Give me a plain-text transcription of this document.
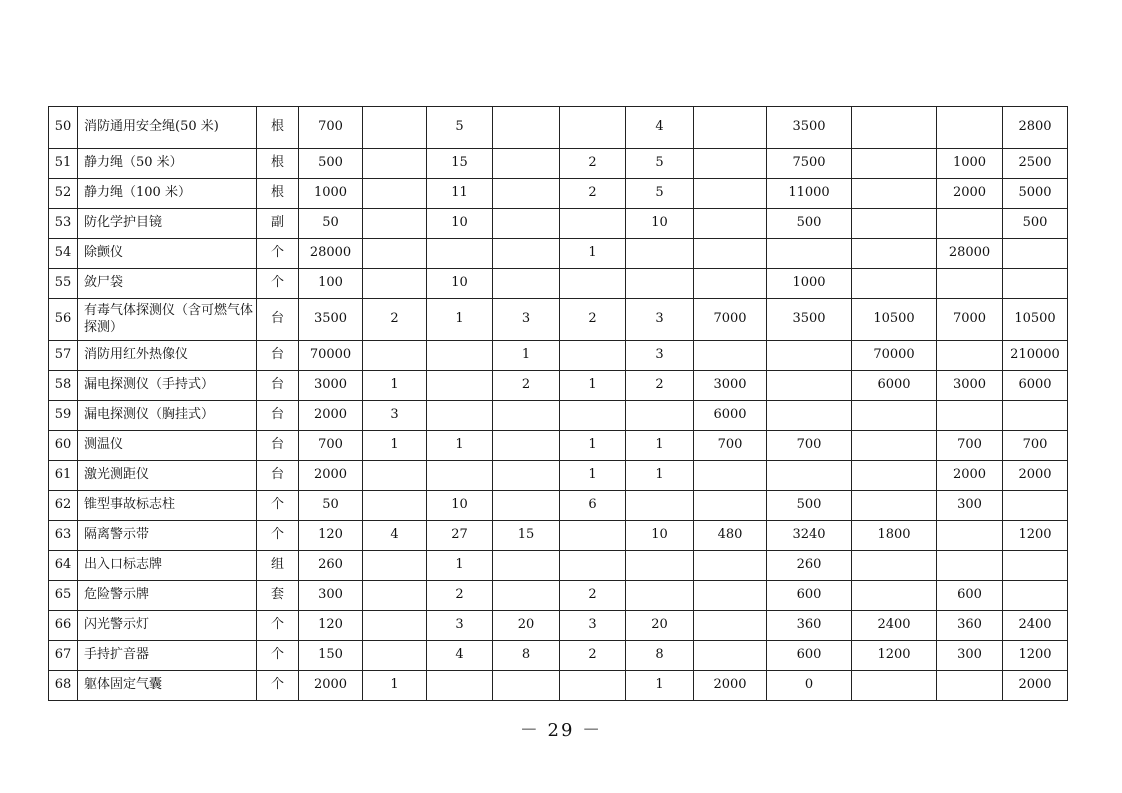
50	消防通用安全绳(50 米)	根	700		5			4		3500			2800
51	静力绳（50 米）	根	500		15		2	5		7500		1000	2500
52	静力绳（100 米）	根	1000		11		2	5		11000		2000	5000
53	防化学护目镜	副	50		10			10		500			500
54	除颤仪	个	28000				1					28000	
55	敛尸袋	个	100		10					1000			
56	有毒气体探测仪（含可燃气体探测）	台	3500	2	1	3	2	3	7000	3500	10500	7000	10500
57	消防用红外热像仪	台	70000			1		3			70000		210000
58	漏电探测仪（手持式）	台	3000	1		2	1	2	3000		6000	3000	6000
59	漏电探测仪（胸挂式）	台	2000	3					6000				
60	测温仪	台	700	1	1		1	1	700	700		700	700
61	激光测距仪	台	2000				1	1				2000	2000
62	锥型事故标志柱	个	50		10		6			500		300	
63	隔离警示带	个	120	4	27	15		10	480	3240	1800		1200
64	出入口标志牌	组	260		1					260			
65	危险警示牌	套	300		2		2			600		600	
66	闪光警示灯	个	120		3	20	3	20		360	2400	360	2400
67	手持扩音器	个	150		4	8	2	8		600	1200	300	1200
68	躯体固定气囊	个	2000	1				1	2000	0			2000
－ 29 －
